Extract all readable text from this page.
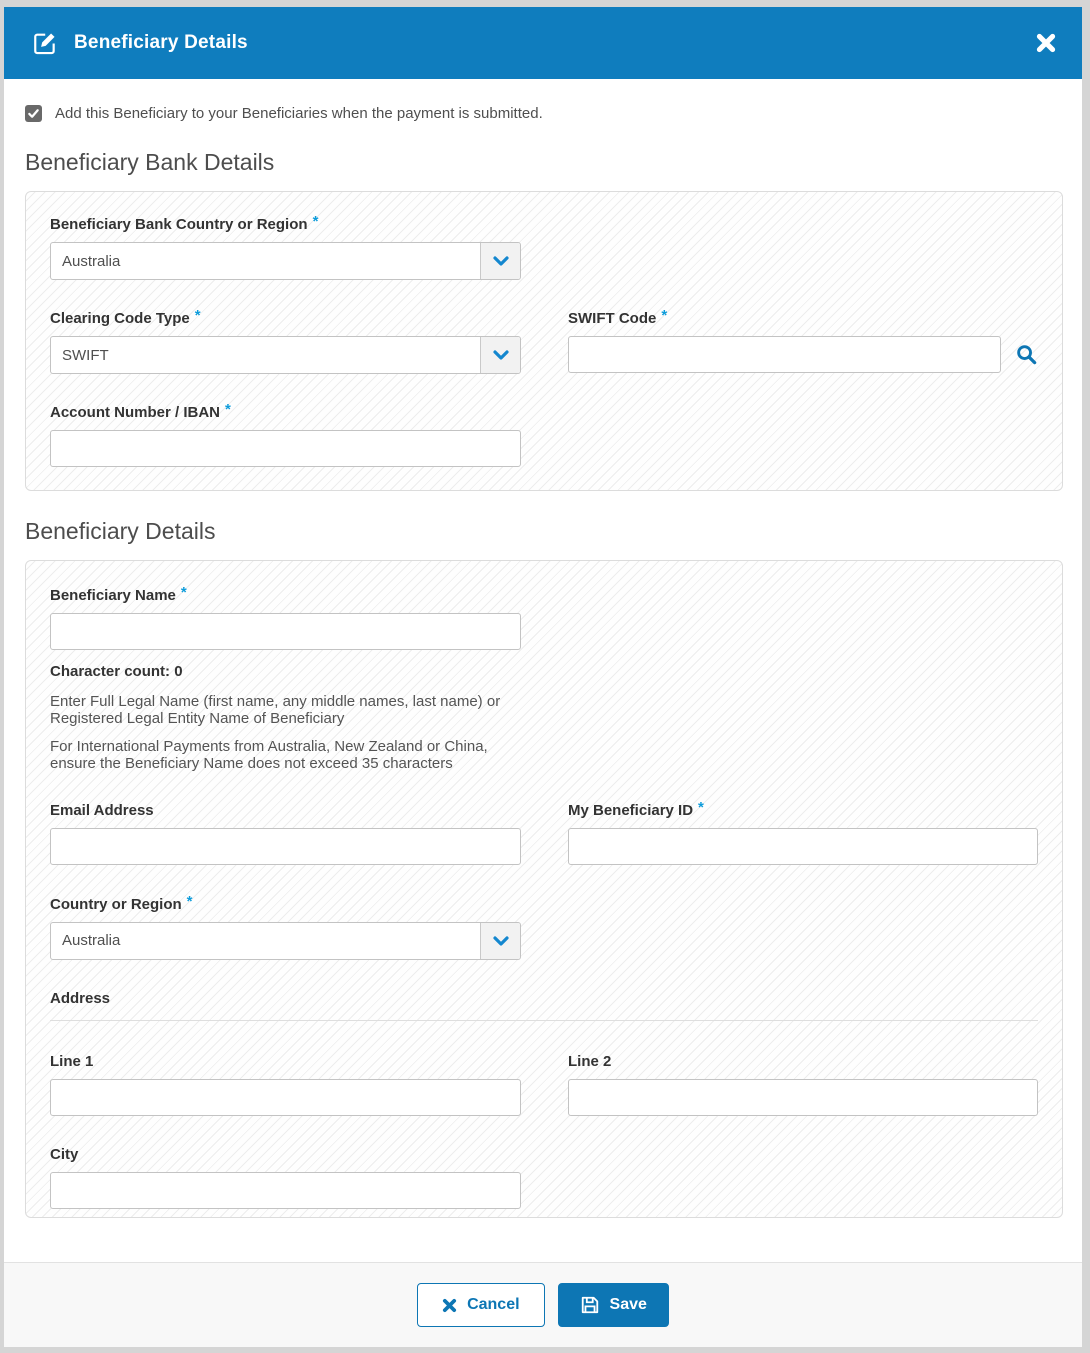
Beneficiary Details
Add this Beneficiary to your Beneficiaries when the payment is submitted.
Beneficiary Bank Details
Beneficiary Bank Country or Region *
Australia
Clearing Code Type *
SWIFT
SWIFT Code *
Account Number / IBAN *
Beneficiary Details
Beneficiary Name *
Character count: 0

Enter Full Legal Name (first name, any middle names, last name) or Registered Legal Entity Name of Beneficiary

For International Payments from Australia, New Zealand or China, ensure the Beneficiary Name does not exceed 35 characters

Email Address	My Beneficiary ID *
Country or Region *
Australia
Address
Line 1	Line 2
City
Cancel	Save
